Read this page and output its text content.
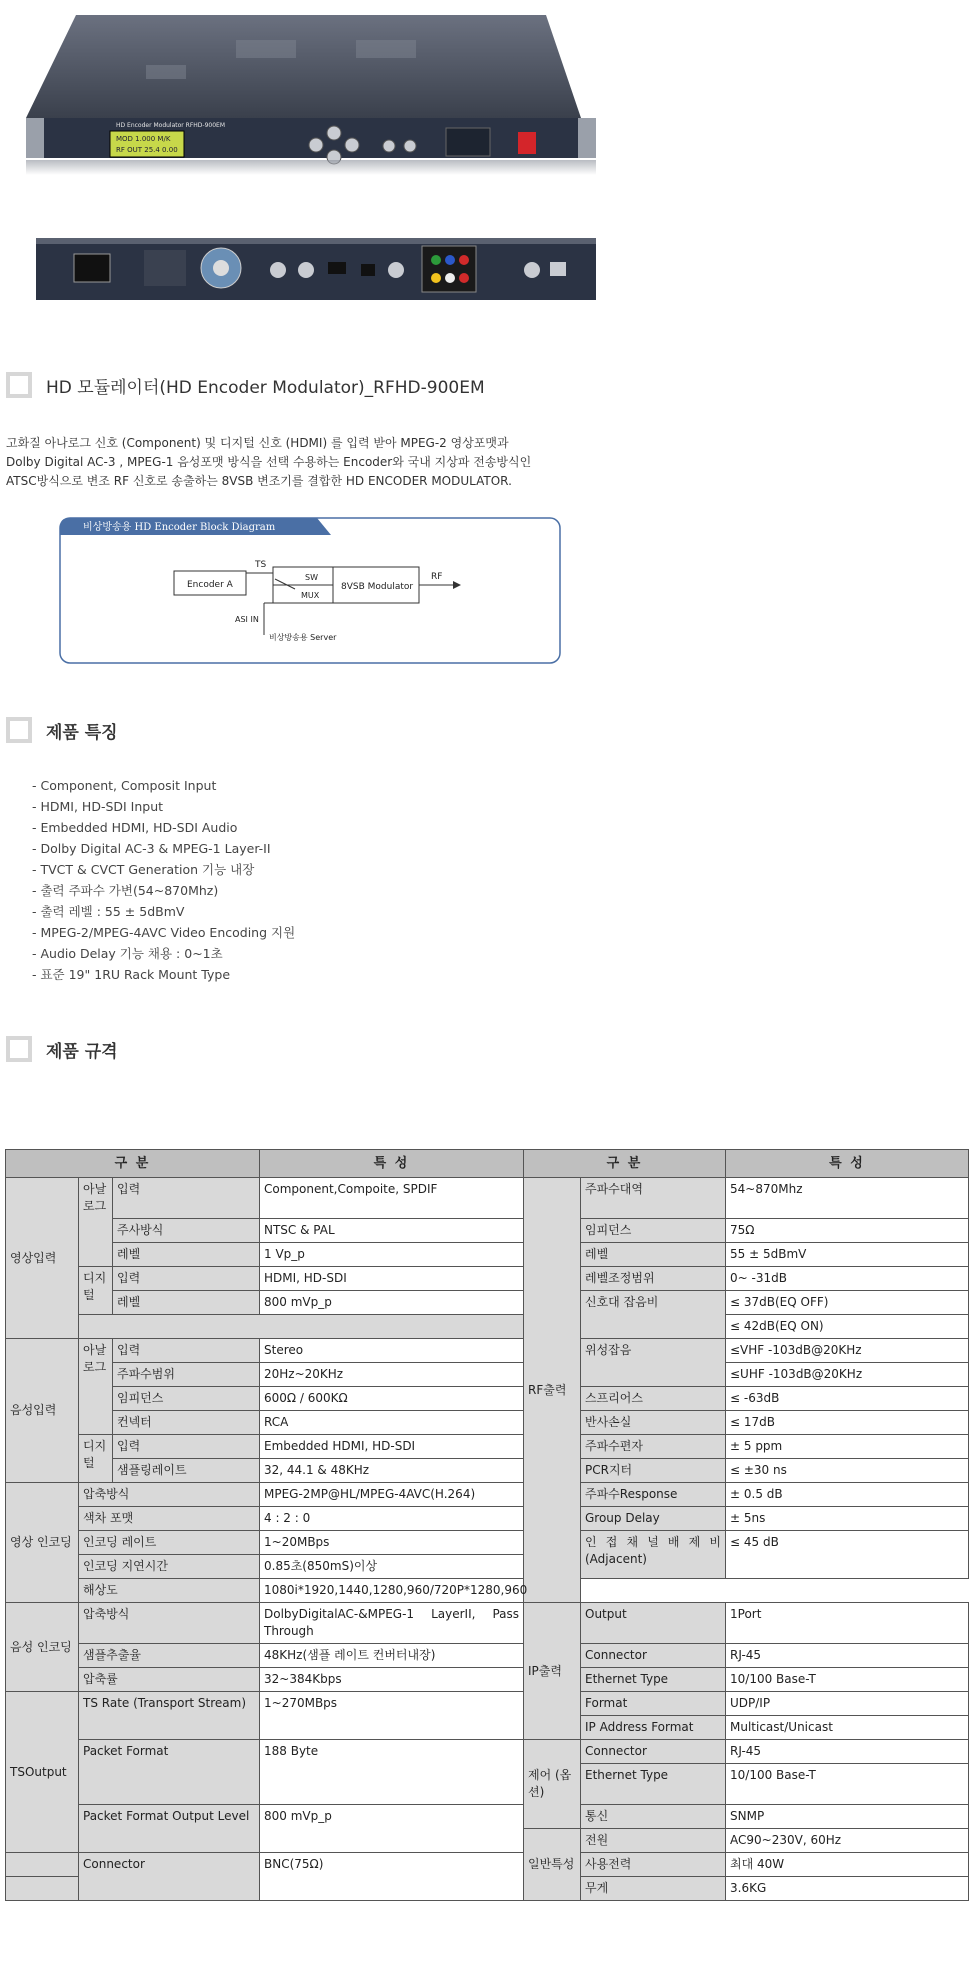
MOD 1.000 M/K
RF OUT 25.4 0.00
HD Encoder Modulator RFHD-900EM
HD 모듈레이터(HD Encoder Modulator)_RFHD-900EM
고화질 아나로그 신호 (Component) 및 디지털 신호 (HDMI) 를 입력 받아 MPEG-2 영상포맷과
Dolby Digital AC-3 , MPEG-1 음성포맷 방식을 선택 수용하는 Encoder와 국내 지상파 전송방식인
ATSC방식으로 변조 RF 신호로 송출하는 8VSB 변조기를 결합한 HD ENCODER MODULATOR.
비상방송용 HD Encoder Block Diagram
Encoder A
TS
SW
MUX
8VSB Modulator
RF
ASI IN
비상방송용 Server
제품 특징
- Component, Composit Input
- HDMI, HD-SDI Input
- Embedded HDMI, HD-SDI Audio
- Dolby Digital AC-3 & MPEG-1 Layer-II
- TVCT & CVCT Generation 기능 내장
- 출력 주파수 가변(54~870Mhz)
- 출력 레벨 : 55 ± 5dBmV
- MPEG-2/MPEG-4AVC Video Encoding 지원
- Audio Delay 기능 채용 : 0~1초
- 표준 19" 1RU Rack Mount Type
제품 규격
구 분			특 성	구 분		특 성
영상입력	아날로그	입력	Component,Compoite, SPDIF	RF출력	주파수대역	54~870Mhz
		주사방식	NTSC & PAL		임피던스	75Ω
		레벨	1 Vp_p		레벨	55 ± 5dBmV
	디지털	입력	HDMI, HD-SDI		레벨조정범위	0~ -31dB
		레벨	800 mVp_p		신호대 잡음비	≤ 37dB(EQ OFF)
						≤ 42dB(EQ ON)
음성입력	아날로그	입력	Stereo		위성잡음	≤VHF -103dB@20KHz
		주파수범위	20Hz~20KHz			≤UHF -103dB@20KHz
		임피던스	600Ω / 600KΩ		스프리어스	≤ -63dB
		컨넥터	RCA		반사손실	≤ 17dB
	디지털	입력	Embedded HDMI, HD-SDI		주파수편자	± 5 ppm
		샘플링레이트	32, 44.1 & 48KHz		PCR지터	≤ ±30 ns
영상 인코딩	압축방식		MPEG-2MP@HL/MPEG-4AVC(H.264)		주파수Response	± 0.5 dB
	색차 포맷		4 : 2 : 0		Group Delay	± 5ns
	인코딩 레이트		1~20MBps		인 접 채 널 배 제 비 (Adjacent)	≤ 45 dB
	인코딩 지연시간		0.85초(850mS)이상			
	해상도		1080i*1920,1440,1280,960/720P*1280,960		
음성 인코딩	압축방식		DolbyDigitalAC-&MPEG-1 LayerII, Pass Through	IP출력	Output	1Port
	샘플추출율		48KHz(샘플 레이트 컨버터내장)		Connector	RJ-45
	압축률		32~384Kbps		Ethernet Type	10/100 Base-T
TSOutput	TS Rate (Transport Stream)		1~270MBps		Format	UDP/IP
					IP Address Format	Multicast/Unicast
	Packet Format		188 Byte	제어 (옵션)	Connector	RJ-45
					Ethernet Type	10/100 Base-T
	Packet Format Output Level		800 mVp_p		통신	SNMP
				일반특성	전원	AC90~230V, 60Hz
	Connector		BNC(75Ω)		사용전력	최대 40W
					무게	3.6KG
